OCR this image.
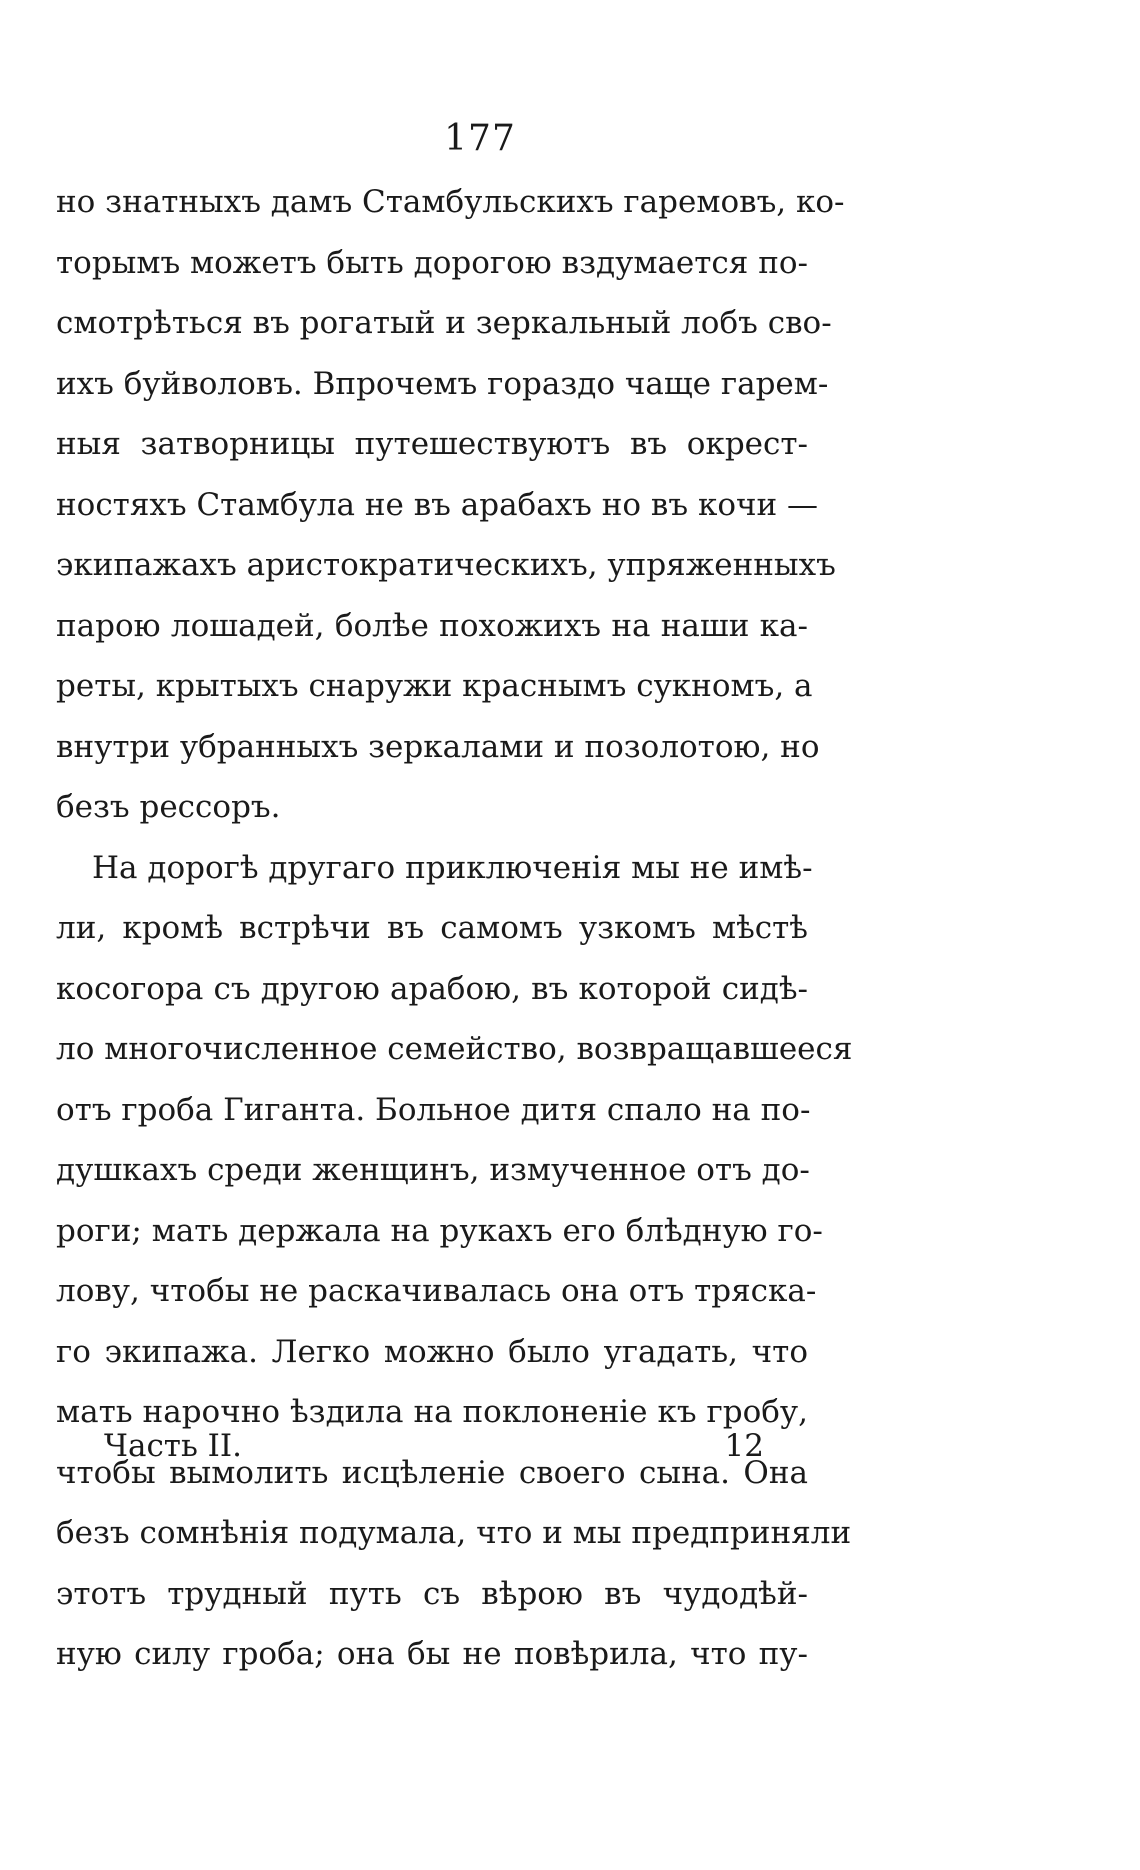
177
но знатныхъ дамъ Стамбульскихъ гаремовъ, ко-
торымъ можетъ быть дорогою вздумается по-
смотрѣться въ рогатый и зеркальный лобъ сво-
ихъ буйволовъ. Впрочемъ гораздо чаще гарем-
ныя затворницы путешествуютъ въ окрест-
ностяхъ Стамбула не въ арабахъ но въ кочи —
экипажахъ аристократическихъ, упряженныхъ
парою лошадей, болѣе похожихъ на наши ка-
реты, крытыхъ снаружи краснымъ сукномъ, а
внутри убранныхъ зеркалами и позолотою, но
безъ рессоръ.
На дорогѣ другаго приключенія мы не имѣ-
ли, кромѣ встрѣчи въ самомъ узкомъ мѣстѣ
косогора съ другою арабою, въ которой сидѣ-
ло многочисленное семейство, возвращавшееся
отъ гроба Гиганта. Больное дитя спало на по-
душкахъ среди женщинъ, измученное отъ до-
роги; мать держала на рукахъ его блѣдную го-
лову, чтобы не раскачивалась она отъ тряска-
го экипажа. Легко можно было угадать, что
мать нарочно ѣздила на поклоненіе къ гробу,
чтобы вымолить исцѣленіе своего сына. Она
безъ сомнѣнія подумала, что и мы предприняли
этотъ трудный путь съ вѣрою въ чудодѣй-
ную силу гроба; она бы не повѣрила, что пу-
Часть II.	12
